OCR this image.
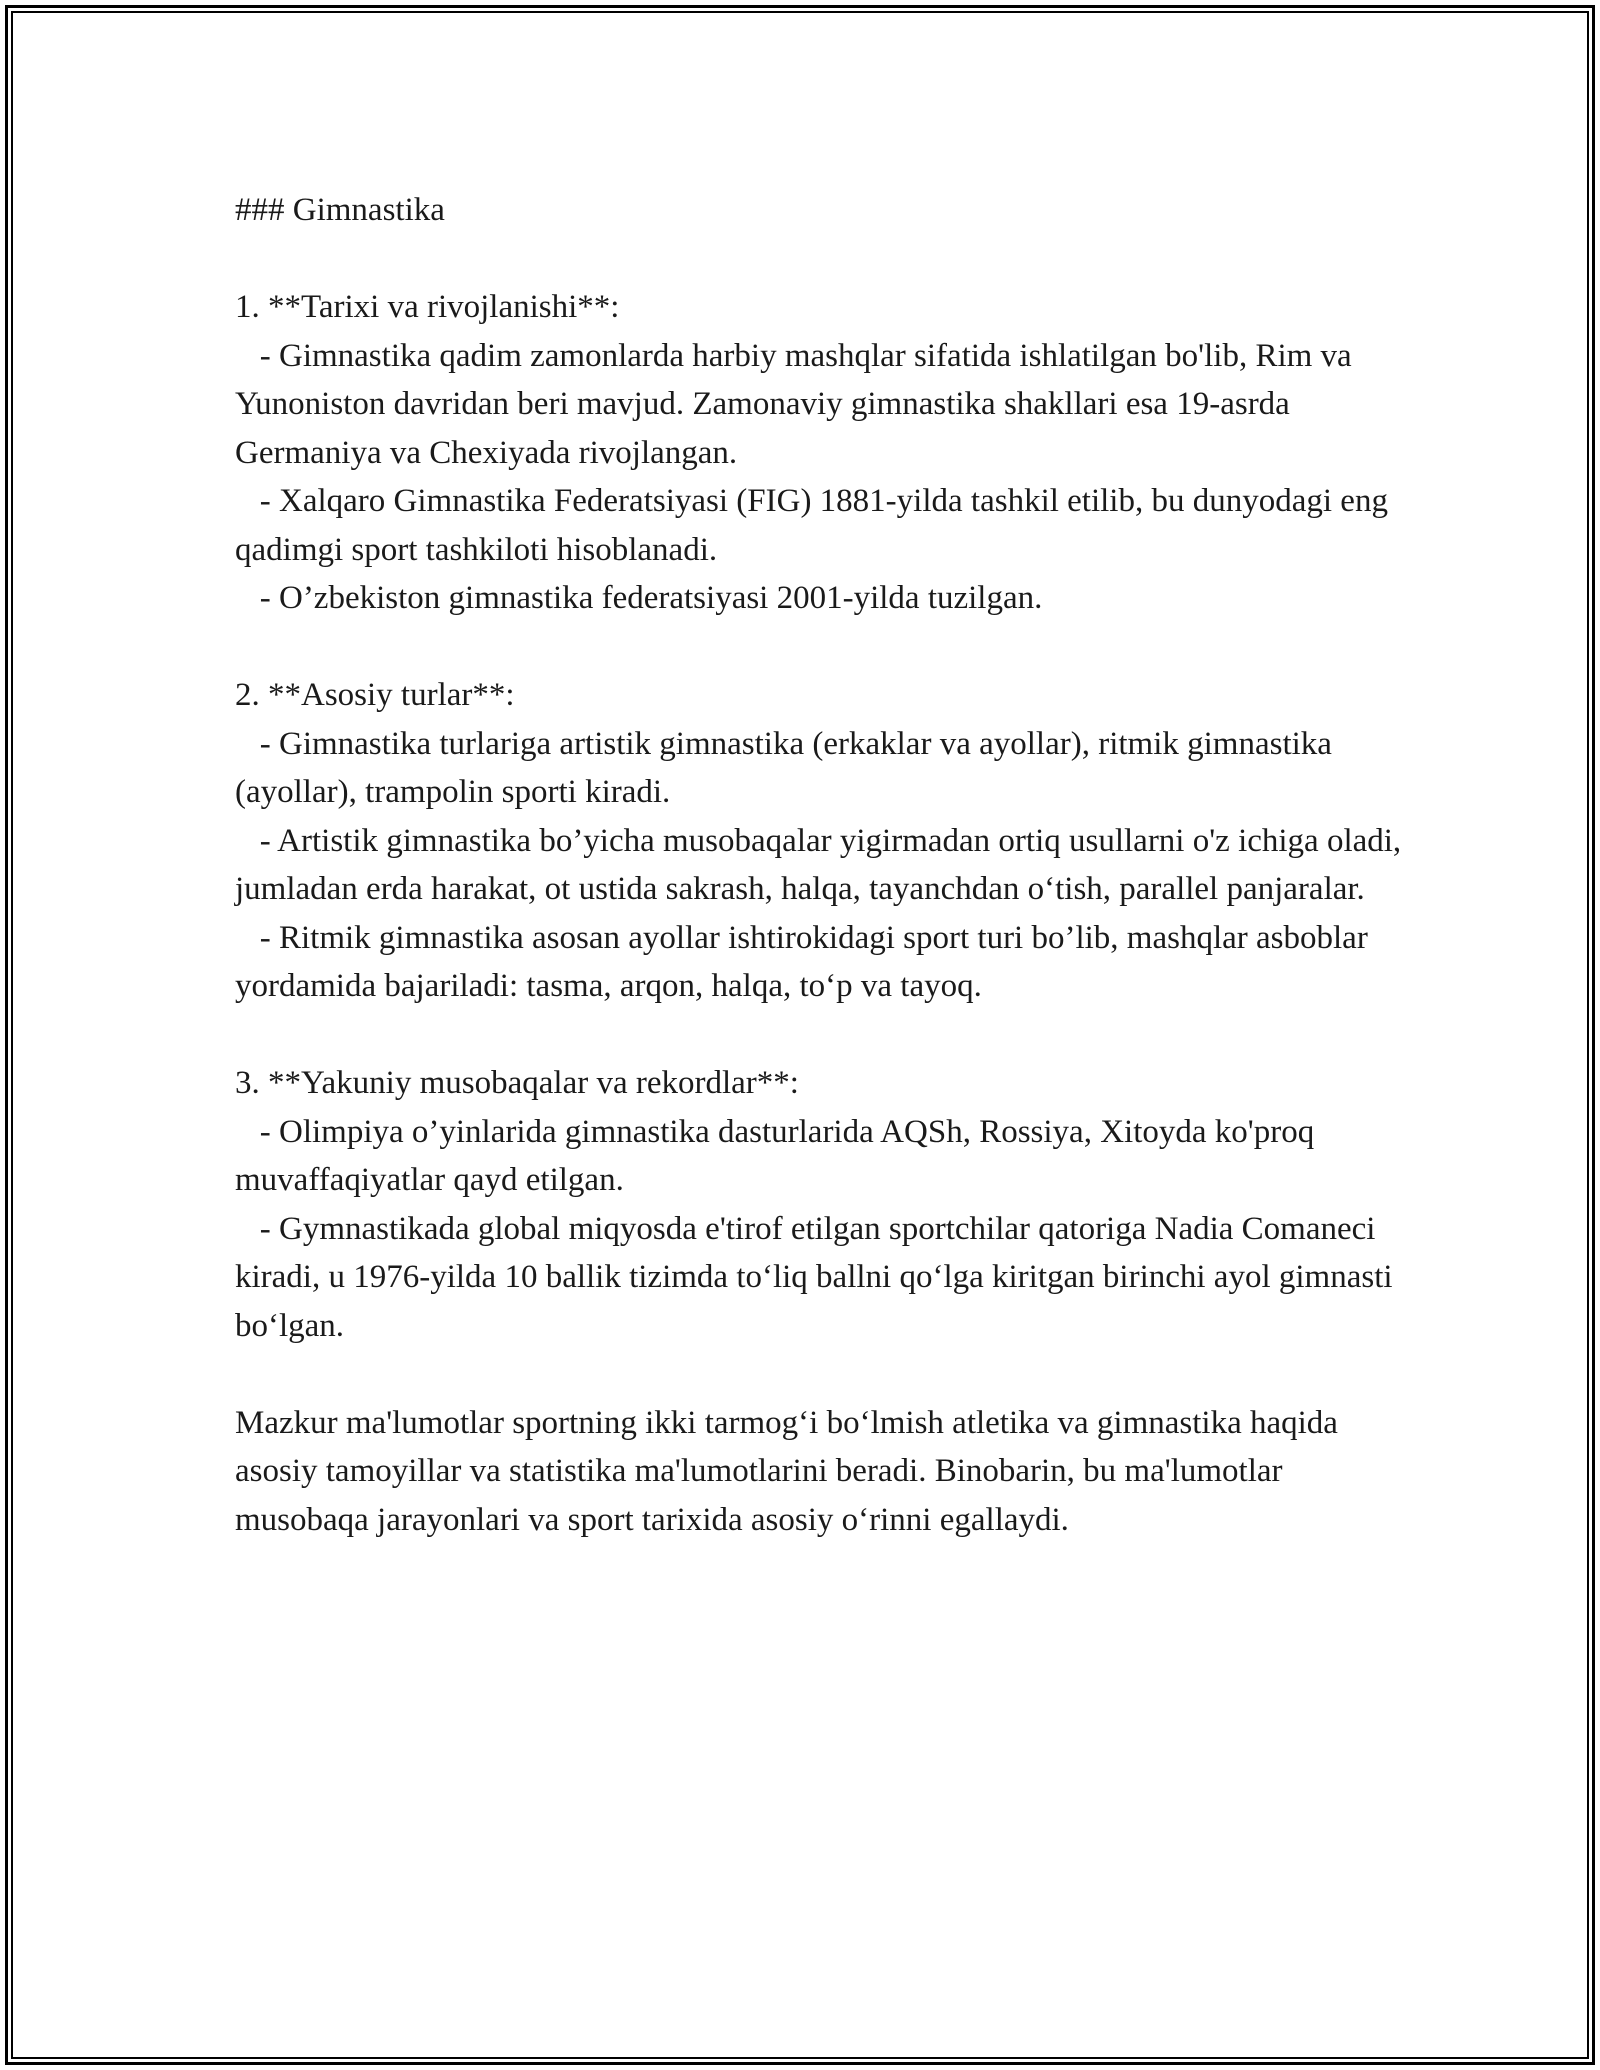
### Gimnastika

1. **Tarixi va rivojlanishi**:

- Gimnastika qadim zamonlarda harbiy mashqlar sifatida ishlatilgan bo'lib, Rim va Yunoniston davridan beri mavjud. Zamonaviy gimnastika shakllari esa 19-asrda Germaniya va Chexiyada rivojlangan.

- Xalqaro Gimnastika Federatsiyasi (FIG) 1881-yilda tashkil etilib, bu dunyodagi eng qadimgi sport tashkiloti hisoblanadi.

- O’zbekiston gimnastika federatsiyasi 2001-yilda tuzilgan.

2. **Asosiy turlar**:

- Gimnastika turlariga artistik gimnastika (erkaklar va ayollar), ritmik gimnastika (ayollar), trampolin sporti kiradi.

- Artistik gimnastika bo’yicha musobaqalar yigirmadan ortiq usullarni o'z ichiga oladi, jumladan erda harakat, ot ustida sakrash, halqa, tayanchdan o‘tish, parallel panjaralar.

- Ritmik gimnastika asosan ayollar ishtirokidagi sport turi bo’lib, mashqlar asboblar yordamida bajariladi: tasma, arqon, halqa, to‘p va tayoq.

3. **Yakuniy musobaqalar va rekordlar**:

- Olimpiya o’yinlarida gimnastika dasturlarida AQSh, Rossiya, Xitoyda ko'proq muvaffaqiyatlar qayd etilgan.

- Gymnastikada global miqyosda e'tirof etilgan sportchilar qatoriga Nadia Comaneci kiradi, u 1976-yilda 10 ballik tizimda to‘liq ballni qo‘lga kiritgan birinchi ayol gimnasti bo‘lgan.

Mazkur ma'lumotlar sportning ikki tarmog‘i bo‘lmish atletika va gimnastika haqida asosiy tamoyillar va statistika ma'lumotlarini beradi. Binobarin, bu ma'lumotlar musobaqa jarayonlari va sport tarixida asosiy o‘rinni egallaydi.
